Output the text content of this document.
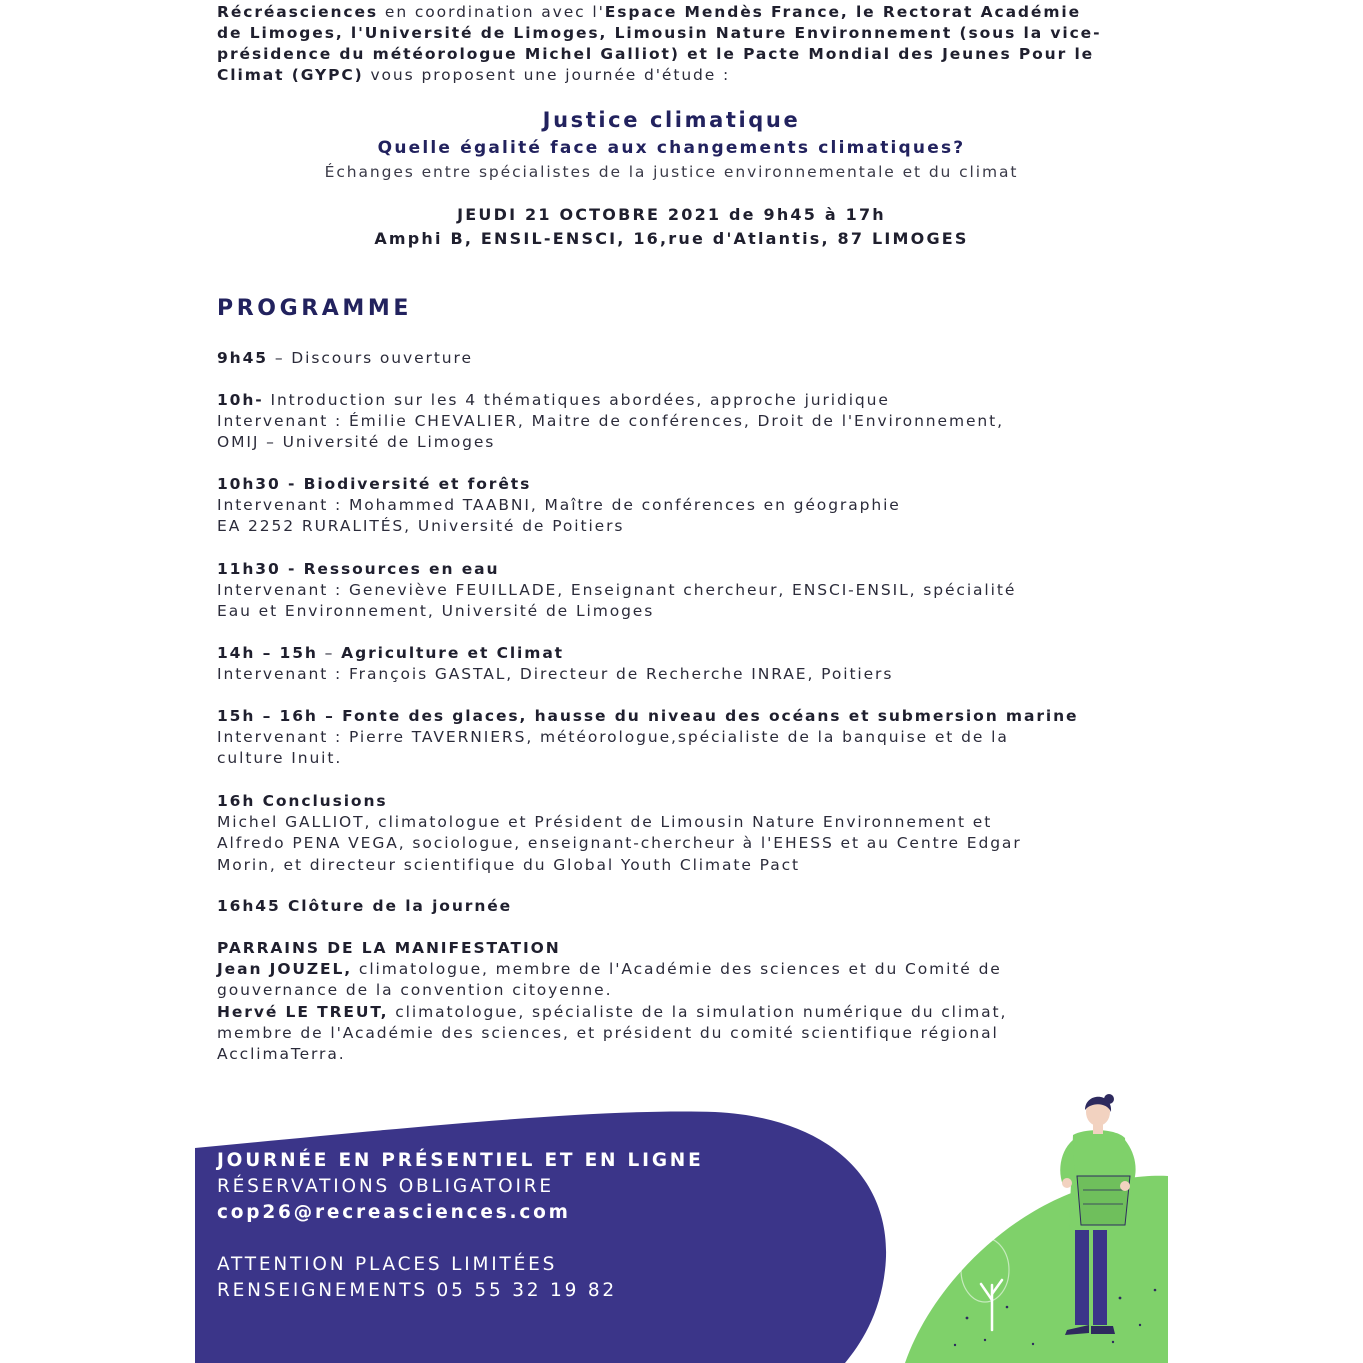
Récréasciences en coordination avec l'Espace Mendès France, le Rectorat Académie
de Limoges, l'Université de Limoges, Limousin Nature Environnement (sous la vice-
présidence du météorologue Michel Galliot) et le Pacte Mondial des Jeunes Pour le
Climat (GYPC) vous proposent une journée d'étude :
Justice climatique
Quelle égalité face aux changements climatiques?
Échanges entre spécialistes de la justice environnementale et du climat
JEUDI 21 OCTOBRE 2021 de 9h45 à 17h
Amphi B, ENSIL-ENSCI, 16,rue d'Atlantis, 87 LIMOGES
PROGRAMME
9h45 – Discours ouverture
10h- Introduction sur les 4 thématiques abordées, approche juridique
Intervenant : Émilie CHEVALIER, Maitre de conférences, Droit de l'Environnement,
OMIJ – Université de Limoges
10h30 - Biodiversité et forêts
Intervenant : Mohammed TAABNI, Maître de conférences en géographie
EA 2252 RURALITÉS, Université de Poitiers
11h30 - Ressources en eau
Intervenant : Geneviève FEUILLADE, Enseignant chercheur, ENSCI-ENSIL, spécialité
Eau et Environnement, Université de Limoges
14h – 15h – Agriculture et Climat
Intervenant : François GASTAL, Directeur de Recherche INRAE, Poitiers
15h – 16h – Fonte des glaces, hausse du niveau des océans et submersion marine
Intervenant : Pierre TAVERNIERS, météorologue,spécialiste de la banquise et de la
culture Inuit.
16h Conclusions
Michel GALLIOT, climatologue et Président de Limousin Nature Environnement et
Alfredo PENA VEGA, sociologue, enseignant-chercheur à l'EHESS et au Centre Edgar
Morin, et directeur scientifique du Global Youth Climate Pact
16h45 Clôture de la journée
PARRAINS DE LA MANIFESTATION
Jean JOUZEL, climatologue, membre de l'Académie des sciences et du Comité de
gouvernance de la convention citoyenne.
Hervé LE TREUT, climatologue, spécialiste de la simulation numérique du climat,
membre de l'Académie des sciences, et président du comité scientifique régional
AcclimaTerra.
JOURNÉE EN PRÉSENTIEL ET EN LIGNE
RÉSERVATIONS OBLIGATOIRE
cop26@recreasciences.com
ATTENTION PLACES LIMITÉES
RENSEIGNEMENTS 05 55 32 19 82
